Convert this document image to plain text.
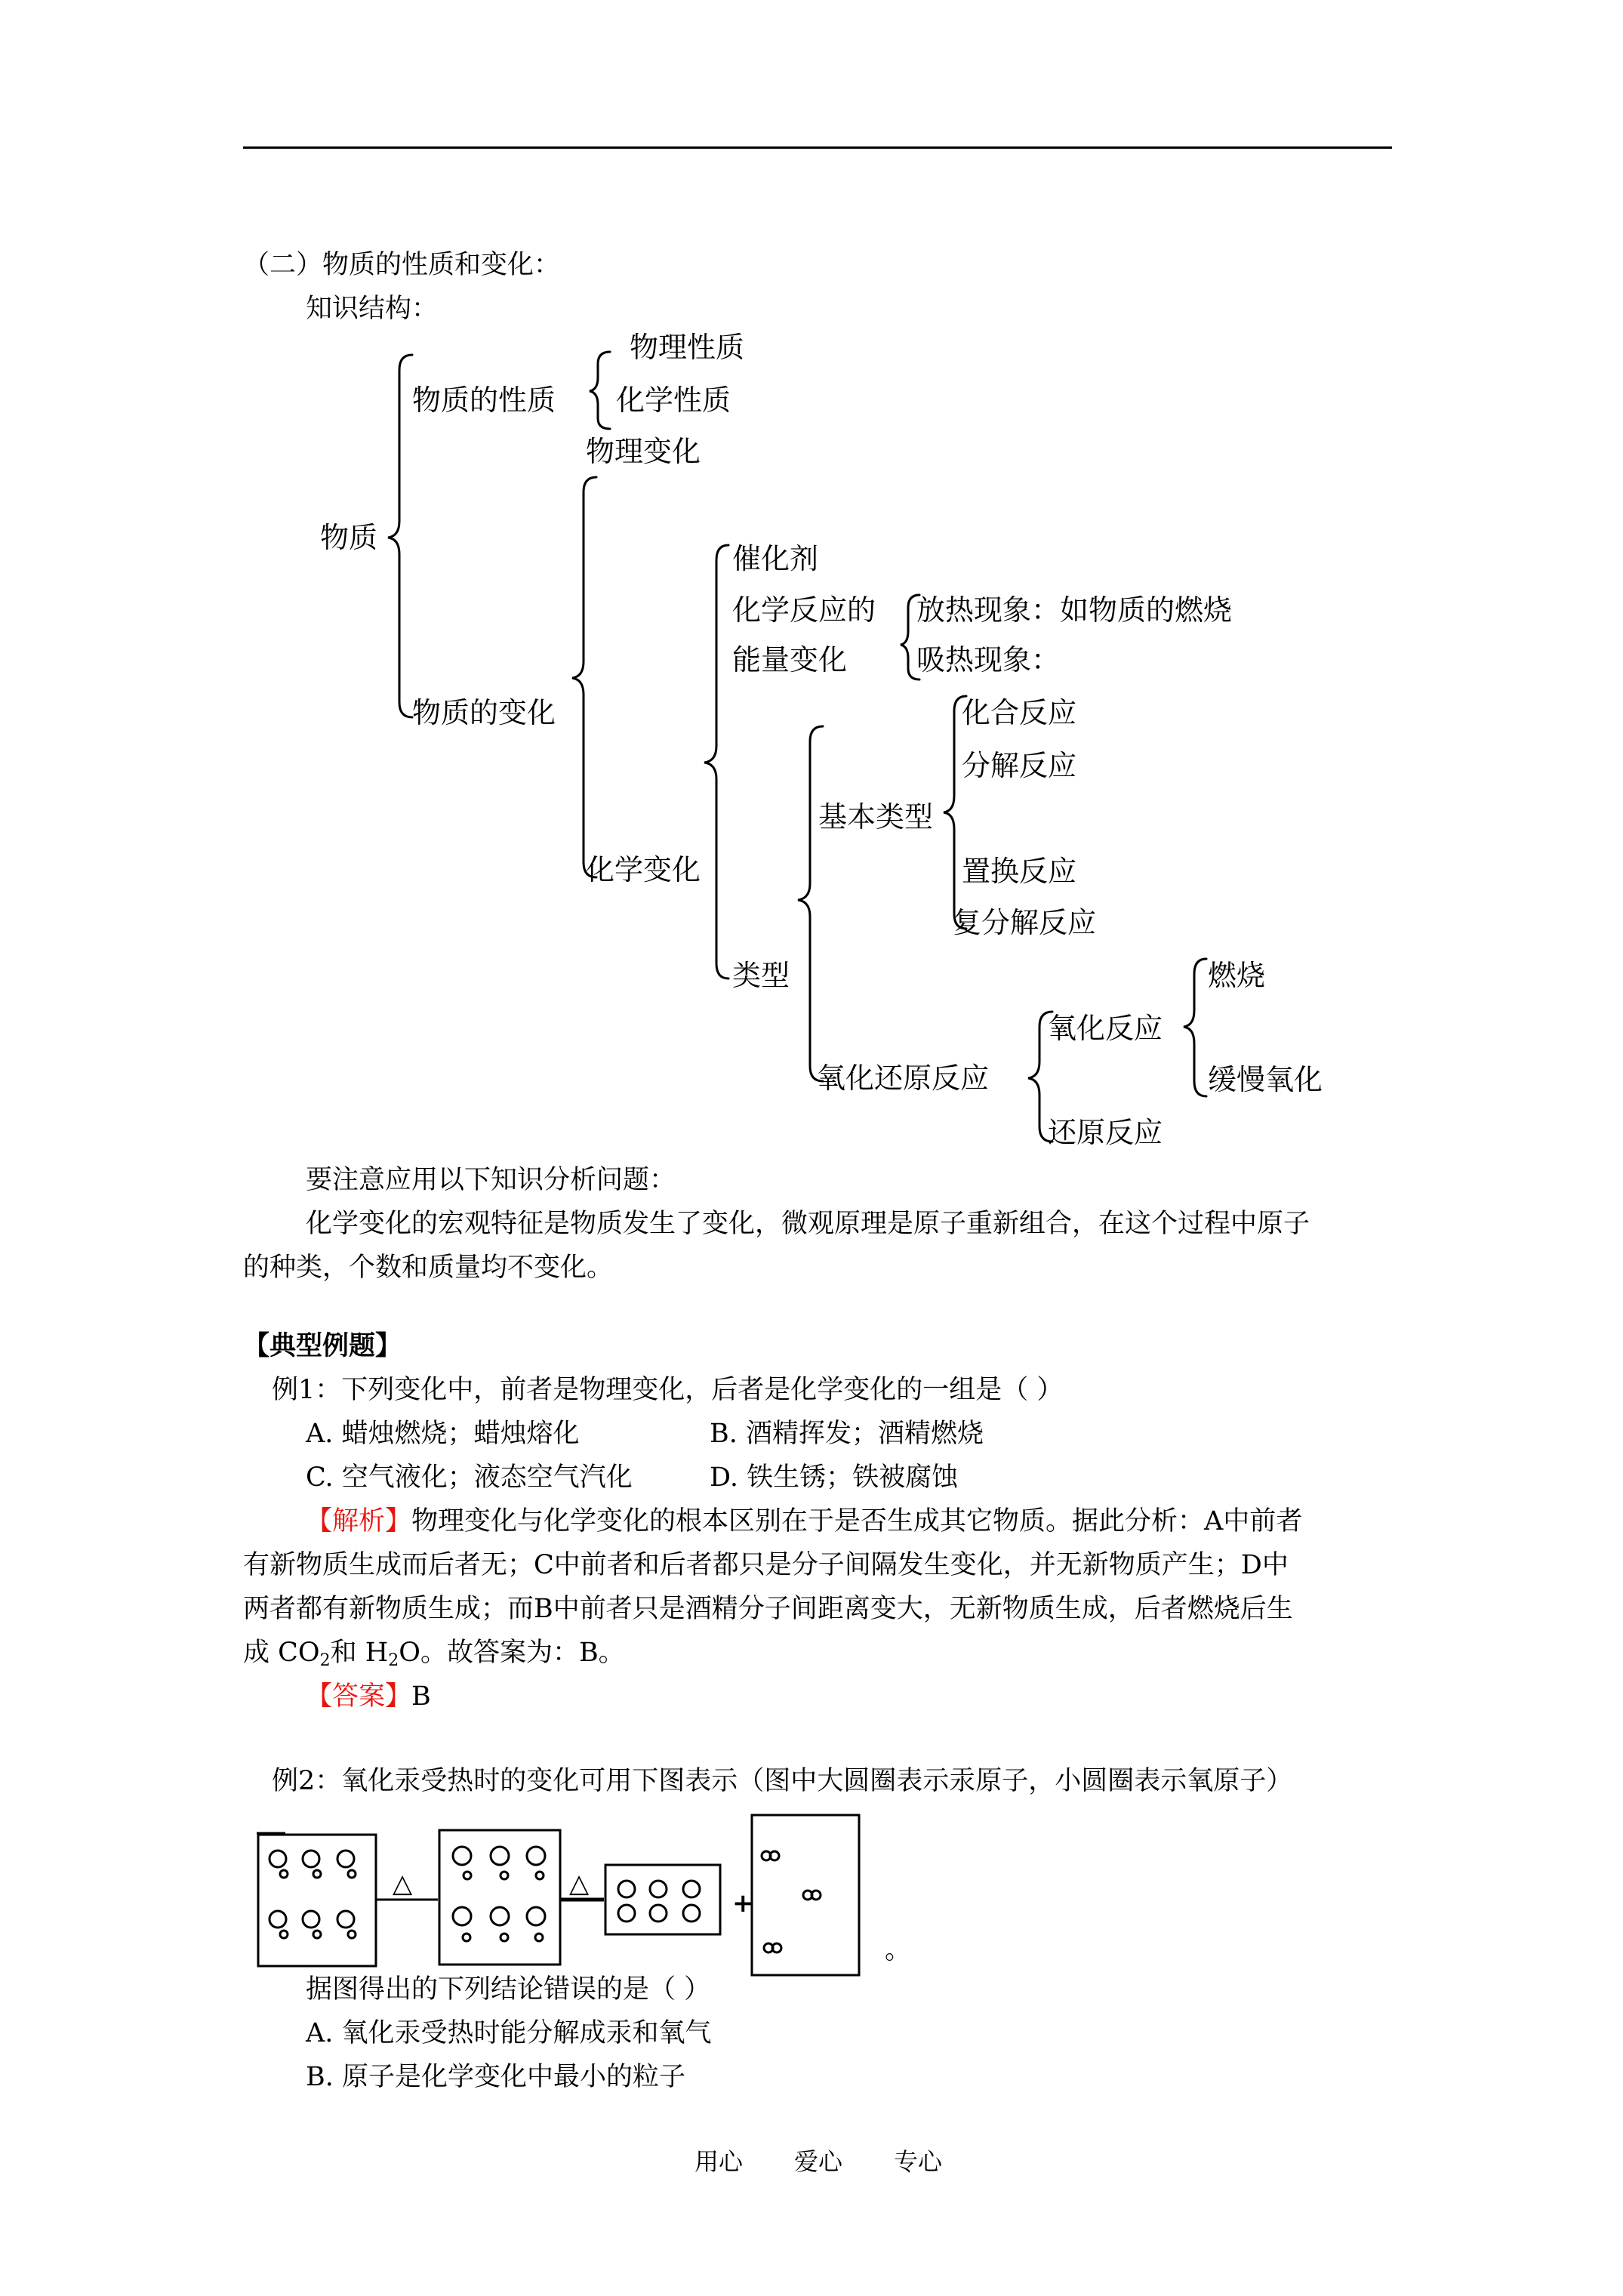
（二）物质的性质和变化：
知识结构：
物质
物质的性质
物理性质
化学性质
物质的变化
物理变化
化学变化
催化剂
化学反应的
能量变化
放热现象：如物质的燃烧
吸热现象：
类型
基本类型
化合反应
分解反应
置换反应
复分解反应
氧化还原反应
氧化反应
燃烧
缓慢氧化
还原反应
要注意应用以下知识分析问题：
化学变化的宏观特征是物质发生了变化，微观原理是原子重新组合，在这个过程中原子
的种类，个数和质量均不变化。
【典型例题】
例1：下列变化中，前者是物理变化，后者是化学变化的一组是（ ）
A. 蜡烛燃烧；蜡烛熔化	B. 酒精挥发；酒精燃烧
C. 空气液化；液态空气汽化	D. 铁生锈；铁被腐蚀
【解析】物理变化与化学变化的根本区别在于是否生成其它物质。据此分析：A中前者
有新物质生成而后者无；C中前者和后者都只是分子间隔发生变化，并无新物质产生；D中
两者都有新物质生成；而B中前者只是酒精分子间距离变大，无新物质生成，后者燃烧后生
成 $CO_2$和 $H_2O$。故答案为：B。
【答案】B
例2：氧化汞受热时的变化可用下图表示（图中大圆圈表示汞原子，小圆圈表示氧原子）
△	△
+
。
据图得出的下列结论错误的是（ ）
A. 氧化汞受热时能分解成汞和氧气
B. 原子是化学变化中最小的粒子
用心 爱心 专心
